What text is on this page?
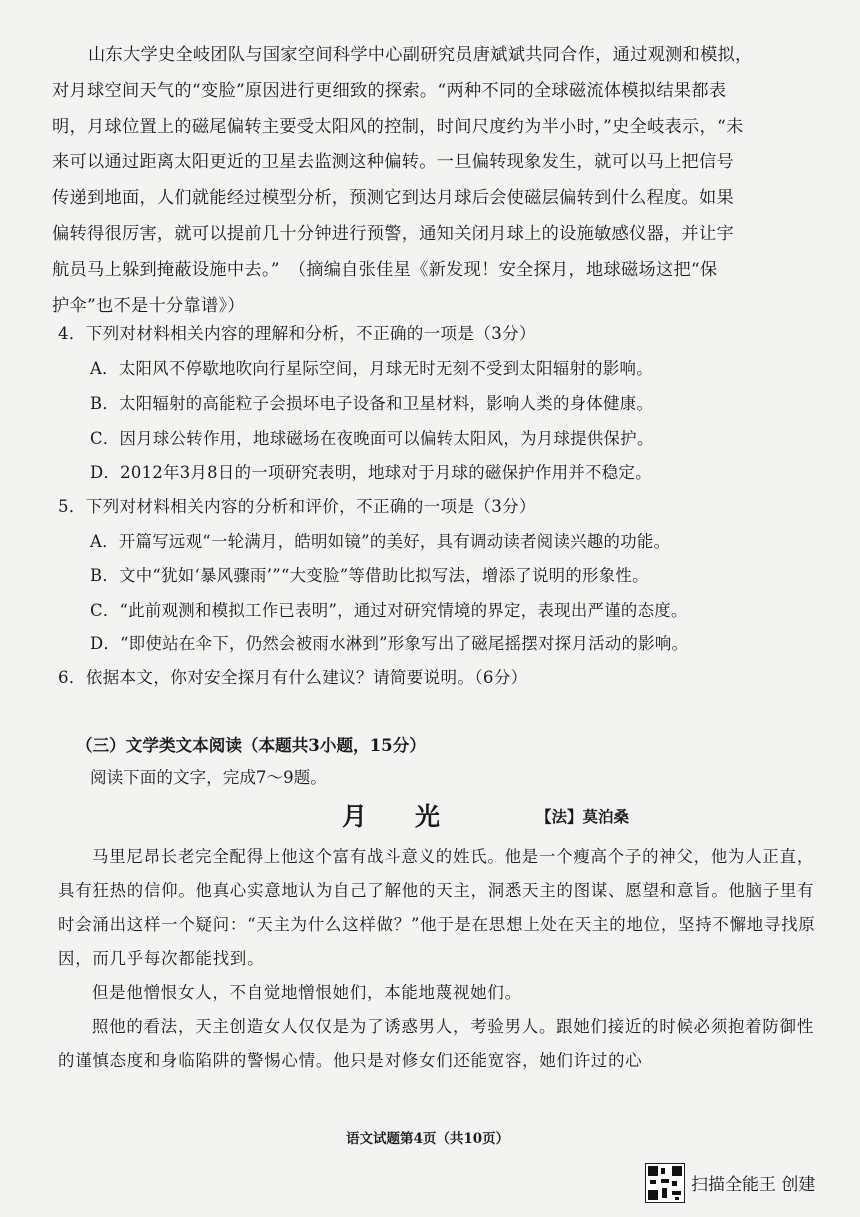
山东大学史全岐团队与国家空间科学中心副研究员唐斌斌共同合作，通过观测和模拟，
对月球空间天气的“变脸”原因进行更细致的探索。“两种不同的全球磁流体模拟结果都表
明，月球位置上的磁尾偏转主要受太阳风的控制，时间尺度约为半小时，”史全岐表示，“未
来可以通过距离太阳更近的卫星去监测这种偏转。一旦偏转现象发生，就可以马上把信号
传递到地面，人们就能经过模型分析，预测它到达月球后会使磁层偏转到什么程度。如果
偏转得很厉害，就可以提前几十分钟进行预警，通知关闭月球上的设施敏感仪器，并让宇
航员马上躲到掩蔽设施中去。”　（摘编自张佳星《新发现！安全探月，地球磁场这把“保
护伞”也不是十分靠谱》）
4．下列对材料相关内容的理解和分析，不正确的一项是（3分）
A．太阳风不停歇地吹向行星际空间，月球无时无刻不受到太阳辐射的影响。
B．太阳辐射的高能粒子会损坏电子设备和卫星材料，影响人类的身体健康。
C．因月球公转作用，地球磁场在夜晚面可以偏转太阳风，为月球提供保护。
D．2012年3月8日的一项研究表明，地球对于月球的磁保护作用并不稳定。
5．下列对材料相关内容的分析和评价，不正确的一项是（3分）
A．开篇写远观“一轮满月，皓明如镜”的美好，具有调动读者阅读兴趣的功能。
B．文中“犹如‘暴风骤雨’”“大变脸”等借助比拟写法，增添了说明的形象性。
C．“此前观测和模拟工作已表明”，通过对研究情境的界定，表现出严谨的态度。
D．“即使站在伞下，仍然会被雨水淋到”形象写出了磁尾摇摆对探月活动的影响。
6．依据本文，你对安全探月有什么建议？请简要说明。（6分）
（三）文学类文本阅读（本题共3小题，15分）
阅读下面的文字，完成7～9题。
月光	【法】莫泊桑

马里尼昂长老完全配得上他这个富有战斗意义的姓氏。他是一个瘦高个子的神父，他为人正直，具有狂热的信仰。他真心实意地认为自己了解他的天主，洞悉天主的图谋、愿望和意旨。他脑子里有时会涌出这样一个疑问：“天主为什么这样做？”他于是在思想上处在天主的地位，坚持不懈地寻找原因，而几乎每次都能找到。

但是他憎恨女人，不自觉地憎恨她们，本能地蔑视她们。

照他的看法，天主创造女人仅仅是为了诱惑男人，考验男人。跟她们接近的时候必须抱着防御性的谨慎态度和身临陷阱的警惕心情。他只是对修女们还能宽容，她们许过的心

语文试题第4页（共10页）
扫描全能王 创建
